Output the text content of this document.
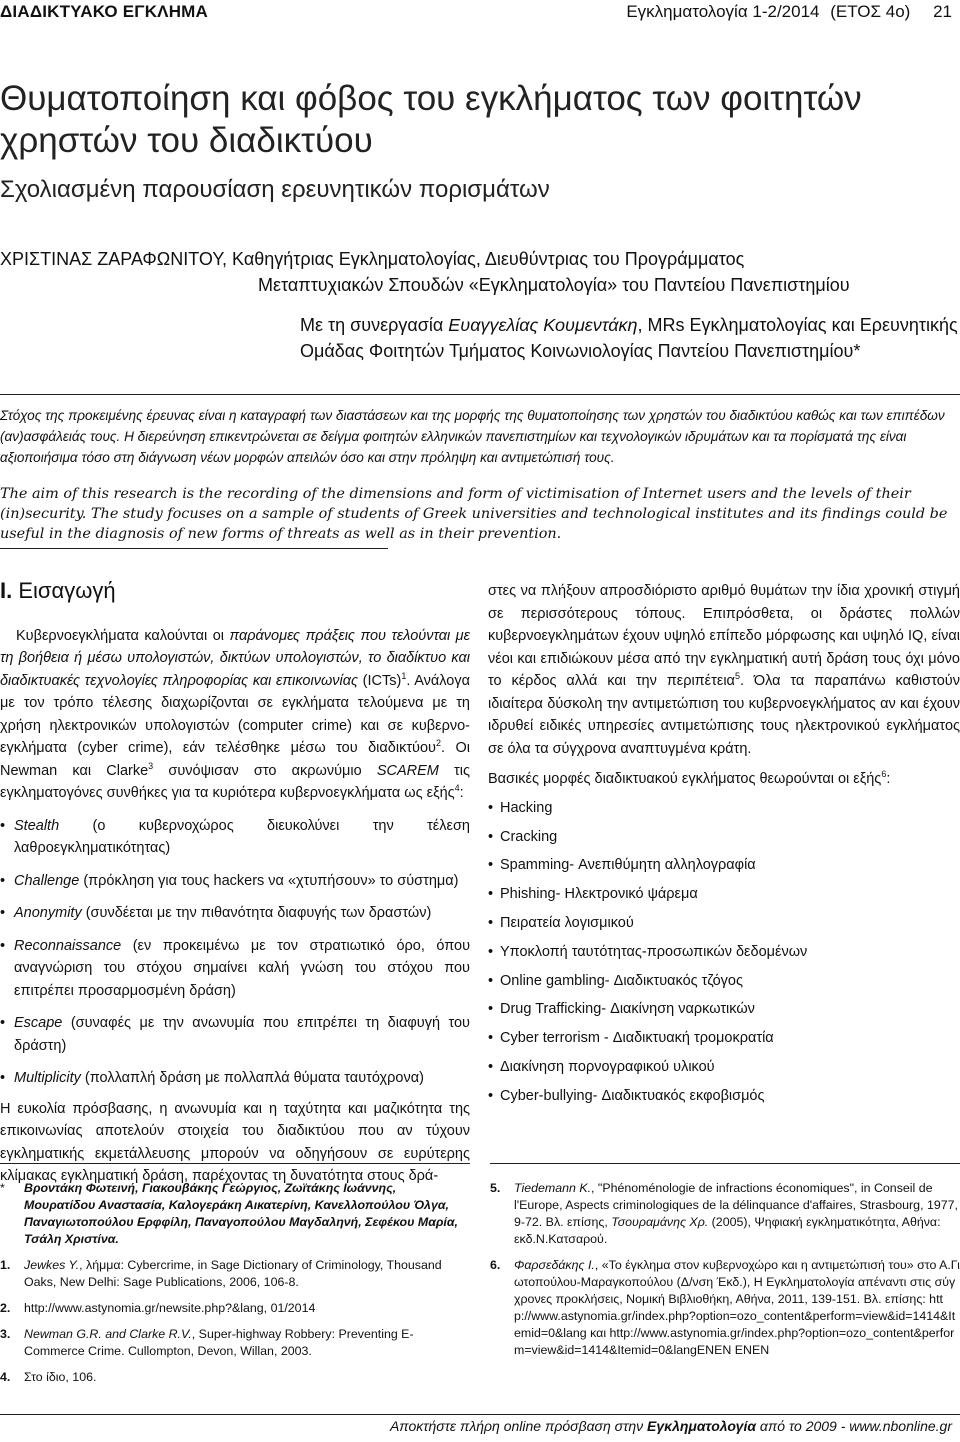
ΔΙΑΔΙΚΤΥΑΚΟ ΕΓΚΛΗΜΑ	Εγκληματολογία 1-2/2014 (ΕΤΟΣ 4ο) 21
Θυματοποίηση και φόβος του εγκλήματος των φοιτητών χρηστών του διαδικτύου
Σχολιασμένη παρουσίαση ερευνητικών πορισμάτων
ΧΡΙΣΤΙΝΑΣ ΖΑΡΑΦΩΝΙΤΟΥ, Καθηγήτριας Εγκληματολογίας, Διευθύντριας του Προγράμματος
Μεταπτυχιακών Σπουδών «Εγκληματολογία» του Παντείου Πανεπιστημίου
Με τη συνεργασία Ευαγγελίας Κουμεντάκη, MRs Εγκληματολογίας και Ερευνητικής Ομάδας Φοιτητών Τμήματος Κοινωνιολογίας Παντείου Πανεπιστημίου*
Στόχος της προκειμένης έρευνας είναι η καταγραφή των διαστάσεων και της μορφής της θυματοποίησης των χρηστών του διαδικτύου καθώς και των επιπέδων (αν)ασφάλειάς τους. Η διερεύνηση επικεντρώνεται σε δείγμα φοιτητών ελληνικών πανεπιστημίων και τεχνολογικών ιδρυμάτων και τα πορίσματά της είναι αξιοποιήσιμα τόσο στη διάγνωση νέων μορφών απειλών όσο και στην πρόληψη και αντιμετώπισή τους.
The aim of this research is the recording of the dimensions and form of victimisation of Internet users and the levels of their (in)security. The study focuses on a sample of students of Greek universities and technological institutes and its findings could be useful in the diagnosis of new forms of threats as well as in their prevention.
Ι. Εισαγωγή

Κυβερνοεγκλήματα καλούνται οι παράνομες πράξεις που τελούνται με τη βοήθεια ή μέσω υπολογιστών, δικτύων υπολογιστών, το διαδίκτυο και διαδικτυακές τεχνολογίες πληροφορίας και επικοινωνίας (ICTs)$^1$. Ανάλογα με τον τρόπο τέλεσης διαχωρίζονται σε εγκλήματα τελούμενα με τη χρήση ηλεκτρονικών υπολογιστών (computer crime) και σε κυβερνο-εγκλήματα (cyber crime), εάν τελέσθηκε μέσω του διαδικτύου$^2$. Οι Newman και Clarke$^3$ συνόψισαν στο ακρωνύμιο SCAREM τις εγκληματογόνες συνθήκες για τα κυριότερα κυβερνοεγκλήματα ως εξής$^4$:

• Stealth (ο κυβερνοχώρος διευκολύνει την τέλεση λαθροεγκληματικότητας)
• Challenge (πρόκληση για τους hackers να «χτυπήσουν» το σύστημα)
• Anonymity (συνδέεται με την πιθανότητα διαφυγής των δραστών)
• Reconnaissance (εν προκειμένω με τον στρατιωτικό όρο, όπου αναγνώριση του στόχου σημαίνει καλή γνώση του στόχου που επιτρέπει προσαρμοσμένη δράση)
• Escape (συναφές με την ανωνυμία που επιτρέπει τη διαφυγή του δράστη)
• Multiplicity (πολλαπλή δράση με πολλαπλά θύματα ταυτόχρονα)

Η ευκολία πρόσβασης, η ανωνυμία και η ταχύτητα και μαζικότητα της επικοινωνίας αποτελούν στοιχεία του διαδικτύου που αν τύχουν εγκληματικής εκμετάλλευσης μπορούν να οδηγήσουν σε ευρύτερης κλίμακας εγκληματική δράση, παρέχοντας τη δυνατότητα στους δρά-

στες να πλήξουν απροσδιόριστο αριθμό θυμάτων την ίδια χρονική στιγμή σε περισσότερους τόπους. Επιπρόσθετα, οι δράστες πολλών κυβερνοεγκλημάτων έχουν υψηλό επίπεδο μόρφωσης και υψηλό IQ, είναι νέοι και επιδιώκουν μέσα από την εγκληματική αυτή δράση τους όχι μόνο το κέρδος αλλά και την περιπέτεια$^5$. Όλα τα παραπάνω καθιστούν ιδιαίτερα δύσκολη την αντιμετώπιση του κυβερνοεγκλήματος αν και έχουν ιδρυθεί ειδικές υπηρεσίες αντιμετώπισης τους ηλεκτρονικού εγκλήματος σε όλα τα σύγχρονα αναπτυγμένα κράτη.

Βασικές μορφές διαδικτυακού εγκλήματος θεωρούνται οι εξής$^6$:

• Hacking
• Cracking
• Spamming- Ανεπιθύμητη αλληλογραφία
• Phishing- Ηλεκτρονικό ψάρεμα
• Πειρατεία λογισμικού
• Υποκλοπή ταυτότητας-προσωπικών δεδομένων
• Online gambling- Διαδικτυακός τζόγος
• Drug Trafficking- Διακίνηση ναρκωτικών
• Cyber terrorism - Διαδικτυακή τρομοκρατία
• Διακίνηση πορνογραφικού υλικού
• Cyber-bullying- Διαδικτυακός εκφοβισμός
* Βροντάκη Φωτεινή, Γιακουβάκης Γεώργιος, Ζωϊτάκης Ιωάννης, Μουρατίδου Αναστασία, Καλογεράκη Αικατερίνη, Κανελλοπούλου Όλγα, Παναγιωτοπούλου Ερφφίλη, Παναγοπούλου Μαγδαληνή, Σεφέκου Μαρία, Τσάλη Χριστίνα.
1. Jewkes Y., λήμμα: Cybercrime, in Sage Dictionary of Criminology, Thousand Oaks, New Delhi: Sage Publications, 2006, 106-8.
2. http://www.astynomia.gr/newsite.php?&lang, 01/2014
3. Newman G.R. and Clarke R.V., Super-highway Robbery: Preventing E-Commerce Crime. Cullompton, Devon, Willan, 2003.
4. Στο ίδιο, 106.
5. Tiedemann K., "Phénoménologie de infractions économiques", in Conseil de l'Europe, Aspects criminologiques de la délinquance d'affaires, Strasbourg, 1977, 9-72. Βλ. επίσης, Τσουραμάνης Χρ. (2005), Ψηφιακή εγκληματικότητα, Αθήνα: εκδ.Ν.Κατσαρού.
6. Φαρσεδάκης Ι., «Το έγκλημα στον κυβερνοχώρο και η αντιμετώπισή του» στο Α.Γιωτοπούλου-Μαραγκοπούλου (Δ/νση Έκδ.), Η Εγκληματολογία απέναντι στις σύγχρονες προκλήσεις, Νομική Βιβλιοθήκη, Αθήνα, 2011, 139-151. Βλ. επίσης: http://www.astynomia.gr/index.php?option=ozo_content&perform=view&id=1414&Itemid=0&lang και http://www.astynomia.gr/index.php?option=ozo_content&perform=view&id=1414&Itemid=0&langENEN ENEN
Αποκτήστε πλήρη online πρόσβαση στην Εγκληματολογία από το 2009 - www.nbonline.gr
